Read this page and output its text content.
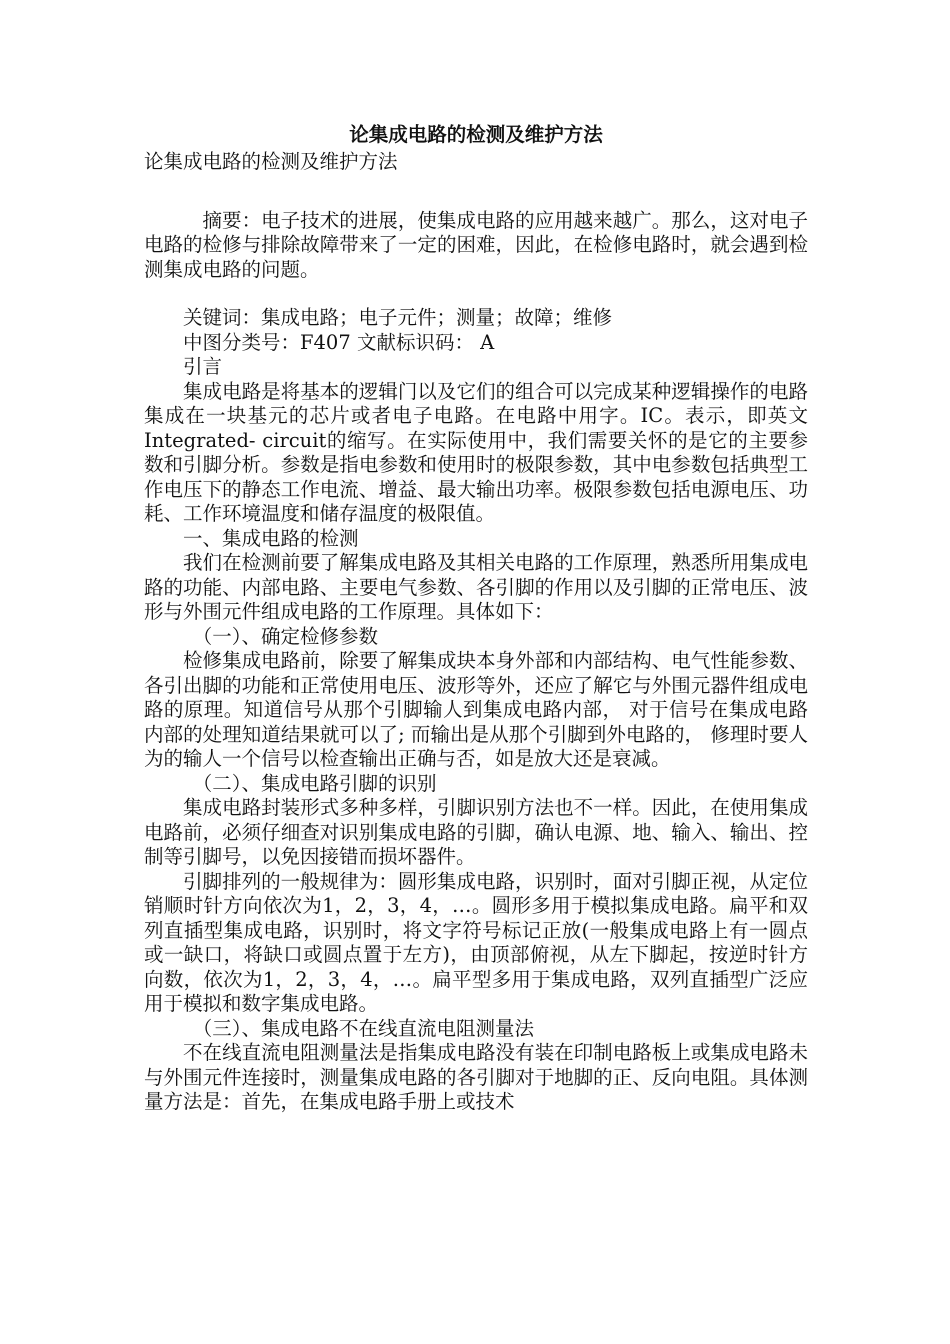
论集成电路的检测及维护方法

论集成电路的检测及维护方法

摘要：电子技术的进展，使集成电路的应用越来越广。那么，这对电子电路的检修与排除故障带来了一定的困难，因此，在检修电路时，就会遇到检测集成电路的问题。

关键词：集成电路；电子元件；测量；故障；维修

中图分类号：F407 文献标识码： A

引言

集成电路是将基本的逻辑门以及它们的组合可以完成某种逻辑操作的电路集成在一块基元的芯片或者电子电路。在电路中用字。IC。表示，即英文Integrated- circuit的缩写。在实际使用中，我们需要关怀的是它的主要参数和引脚分析。参数是指电参数和使用时的极限参数，其中电参数包括典型工作电压下的静态工作电流、增益、最大输出功率。极限参数包括电源电压、功耗、工作环境温度和储存温度的极限值。

一、集成电路的检测

我们在检测前要了解集成电路及其相关电路的工作原理，熟悉所用集成电路的功能、内部电路、主要电气参数、各引脚的作用以及引脚的正常电压、波形与外围元件组成电路的工作原理。具体如下：

（一）、确定检修参数

检修集成电路前，除要了解集成块本身外部和内部结构、电气性能参数、各引出脚的功能和正常使用电压、波形等外，还应了解它与外围元器件组成电路的原理。知道信号从那个引脚输人到集成电路内部， 对于信号在集成电路内部的处理知道结果就可以了; 而输出是从那个引脚到外电路的， 修理时要人为的输人一个信号以检查输出正确与否，如是放大还是衰减。

（二）、集成电路引脚的识别

集成电路封装形式多种多样，引脚识别方法也不一样。因此，在使用集成电路前，必须仔细查对识别集成电路的引脚，确认电源、地、输入、输出、控制等引脚号，以免因接错而损坏器件。

引脚排列的一般规律为：圆形集成电路，识别时，面对引脚正视，从定位销顺时针方向依次为1，2，3，4，…。圆形多用于模拟集成电路。扁平和双列直插型集成电路，识别时，将文字符号标记正放(一般集成电路上有一圆点或一缺口，将缺口或圆点置于左方)，由顶部俯视，从左下脚起，按逆时针方向数，依次为1，2，3，4，…。扁平型多用于集成电路，双列直插型广泛应用于模拟和数字集成电路。

（三）、集成电路不在线直流电阻测量法

不在线直流电阻测量法是指集成电路没有装在印制电路板上或集成电路未与外围元件连接时，测量集成电路的各引脚对于地脚的正、反向电阻。具体测量方法是：首先，在集成电路手册上或技术
